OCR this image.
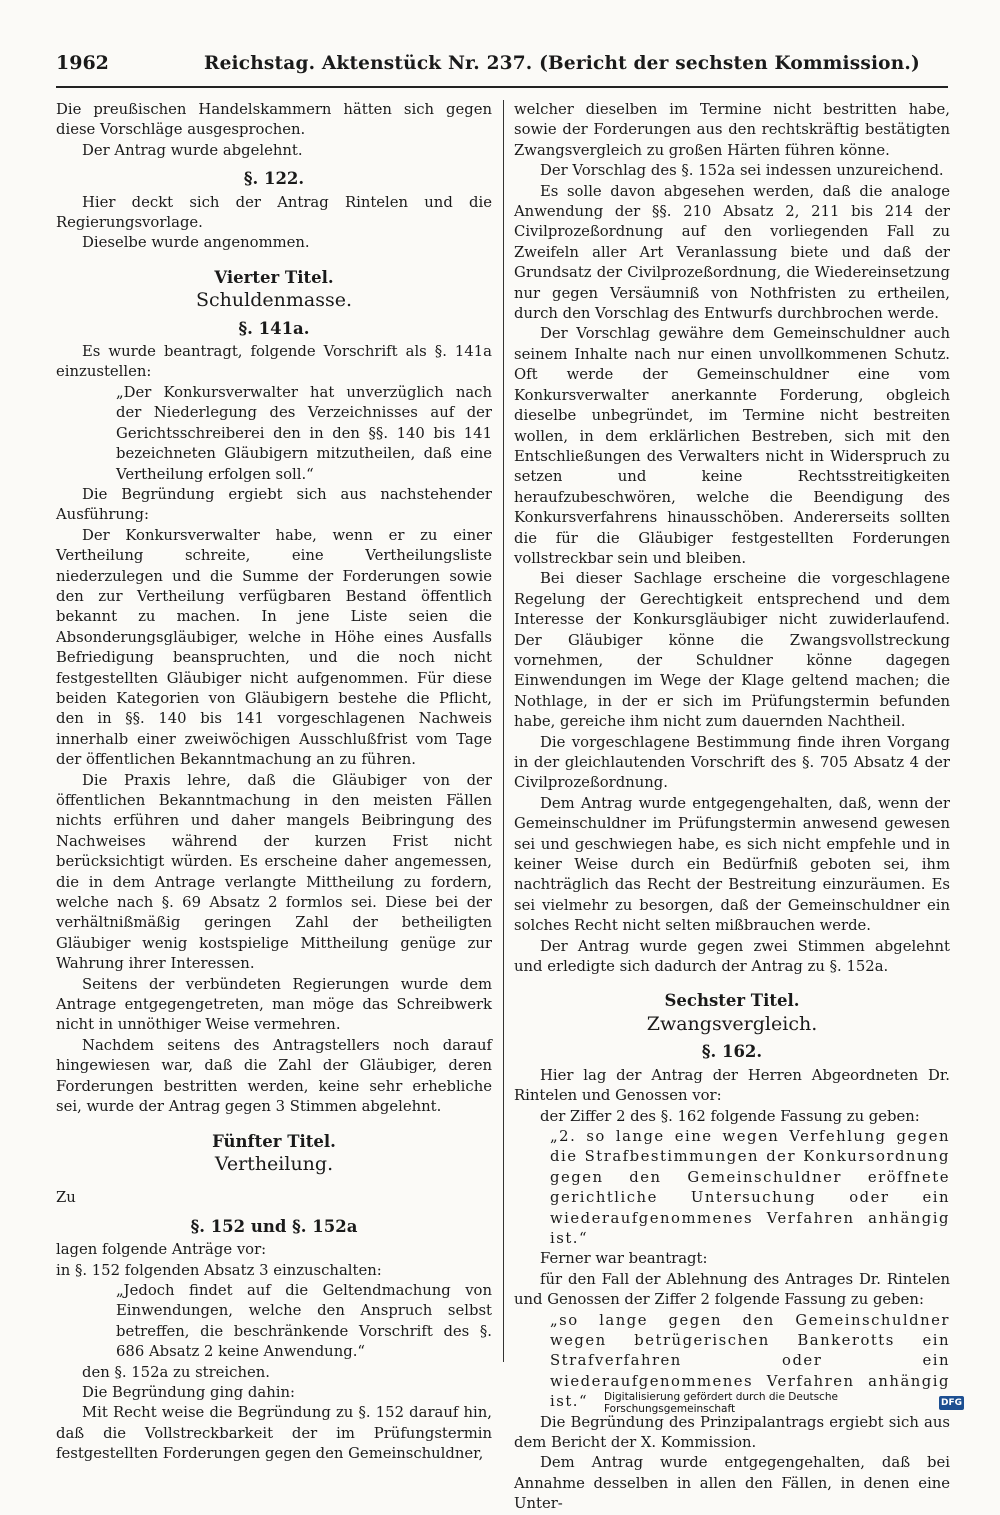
1962	Reichstag. Aktenstück Nr. 237. (Bericht der sechsten Kommission.)

Die preußischen Handelskammern hätten sich gegen diese Vorschläge ausgesprochen.

Der Antrag wurde abgelehnt.

§. 122.

Hier deckt sich der Antrag Rintelen und die Regierungsvorlage.

Dieselbe wurde angenommen.

Vierter Titel.
Schuldenmasse.
§. 141a.

Es wurde beantragt, folgende Vorschrift als §. 141a einzustellen:

„Der Konkursverwalter hat unverzüglich nach der Niederlegung des Verzeichnisses auf der Gerichtsschreiberei den in den §§. 140 bis 141 bezeichneten Gläubigern mitzutheilen, daß eine Vertheilung erfolgen soll.“

Die Begründung ergiebt sich aus nachstehender Ausführung:

Der Konkursverwalter habe, wenn er zu einer Vertheilung schreite, eine Vertheilungsliste niederzulegen und die Summe der Forderungen sowie den zur Vertheilung verfügbaren Bestand öffentlich bekannt zu machen. In jene Liste seien die Absonderungsgläubiger, welche in Höhe eines Ausfalls Befriedigung beanspruchten, und die noch nicht festgestellten Gläubiger nicht aufgenommen. Für diese beiden Kategorien von Gläubigern bestehe die Pflicht, den in §§. 140 bis 141 vorgeschlagenen Nachweis innerhalb einer zweiwöchigen Ausschlußfrist vom Tage der öffentlichen Bekanntmachung an zu führen.

Die Praxis lehre, daß die Gläubiger von der öffentlichen Bekanntmachung in den meisten Fällen nichts erführen und daher mangels Beibringung des Nachweises während der kurzen Frist nicht berücksichtigt würden. Es erscheine daher angemessen, die in dem Antrage verlangte Mittheilung zu fordern, welche nach §. 69 Absatz 2 formlos sei. Diese bei der verhältnißmäßig geringen Zahl der betheiligten Gläubiger wenig kostspielige Mittheilung genüge zur Wahrung ihrer Interessen.

Seitens der verbündeten Regierungen wurde dem Antrage entgegengetreten, man möge das Schreibwerk nicht in unnöthiger Weise vermehren.

Nachdem seitens des Antragstellers noch darauf hingewiesen war, daß die Zahl der Gläubiger, deren Forderungen bestritten werden, keine sehr erhebliche sei, wurde der Antrag gegen 3 Stimmen abgelehnt.

Fünfter Titel.
Vertheilung.

Zu

§. 152 und §. 152a

lagen folgende Anträge vor:

in §. 152 folgenden Absatz 3 einzuschalten:

„Jedoch findet auf die Geltendmachung von Einwendungen, welche den Anspruch selbst betreffen, die beschränkende Vorschrift des §. 686 Absatz 2 keine Anwendung.“

den §. 152a zu streichen.

Die Begründung ging dahin:

Mit Recht weise die Begründung zu §. 152 darauf hin, daß die Vollstreckbarkeit der im Prüfungstermin festgestellten Forderungen gegen den Gemeinschuldner,

welcher dieselben im Termine nicht bestritten habe, sowie der Forderungen aus den rechtskräftig bestätigten Zwangsvergleich zu großen Härten führen könne.

Der Vorschlag des §. 152a sei indessen unzureichend.

Es solle davon abgesehen werden, daß die analoge Anwendung der §§. 210 Absatz 2, 211 bis 214 der Civilprozeßordnung auf den vorliegenden Fall zu Zweifeln aller Art Veranlassung biete und daß der Grundsatz der Civilprozeßordnung, die Wiedereinsetzung nur gegen Versäumniß von Nothfristen zu ertheilen, durch den Vorschlag des Entwurfs durchbrochen werde.

Der Vorschlag gewähre dem Gemeinschuldner auch seinem Inhalte nach nur einen unvollkommenen Schutz. Oft werde der Gemeinschuldner eine vom Konkursverwalter anerkannte Forderung, obgleich dieselbe unbegründet, im Termine nicht bestreiten wollen, in dem erklärlichen Bestreben, sich mit den Entschließungen des Verwalters nicht in Widerspruch zu setzen und keine Rechtsstreitigkeiten heraufzubeschwören, welche die Beendigung des Konkursverfahrens hinausschöben. Andererseits sollten die für die Gläubiger festgestellten Forderungen vollstreckbar sein und bleiben.

Bei dieser Sachlage erscheine die vorgeschlagene Regelung der Gerechtigkeit entsprechend und dem Interesse der Konkursgläubiger nicht zuwiderlaufend. Der Gläubiger könne die Zwangsvollstreckung vornehmen, der Schuldner könne dagegen Einwendungen im Wege der Klage geltend machen; die Nothlage, in der er sich im Prüfungstermin befunden habe, gereiche ihm nicht zum dauernden Nachtheil.

Die vorgeschlagene Bestimmung finde ihren Vorgang in der gleichlautenden Vorschrift des §. 705 Absatz 4 der Civilprozeßordnung.

Dem Antrag wurde entgegengehalten, daß, wenn der Gemeinschuldner im Prüfungstermin anwesend gewesen sei und geschwiegen habe, es sich nicht empfehle und in keiner Weise durch ein Bedürfniß geboten sei, ihm nachträglich das Recht der Bestreitung einzuräumen. Es sei vielmehr zu besorgen, daß der Gemeinschuldner ein solches Recht nicht selten mißbrauchen werde.

Der Antrag wurde gegen zwei Stimmen abgelehnt und erledigte sich dadurch der Antrag zu §. 152a.

Sechster Titel.
Zwangsvergleich.
§. 162.

Hier lag der Antrag der Herren Abgeordneten Dr. Rintelen und Genossen vor:

der Ziffer 2 des §. 162 folgende Fassung zu geben:

„2. so lange eine wegen Verfehlung gegen die Strafbestimmungen der Konkursordnung gegen den Gemeinschuldner eröffnete gerichtliche Untersuchung oder ein wiederaufgenommenes Verfahren anhängig ist.“

Ferner war beantragt:

für den Fall der Ablehnung des Antrages Dr. Rintelen und Genossen der Ziffer 2 folgende Fassung zu geben:

„so lange gegen den Gemeinschuldner wegen betrügerischen Bankerotts ein Strafverfahren oder ein wiederaufgenommenes Verfahren anhängig ist.“

Die Begründung des Prinzipalantrags ergiebt sich aus dem Bericht der X. Kommission.

Dem Antrag wurde entgegengehalten, daß bei Annahme desselben in allen den Fällen, in denen eine Unter-

Digitalisierung gefördert durch die Deutsche Forschungsgemeinschaft	DFG
